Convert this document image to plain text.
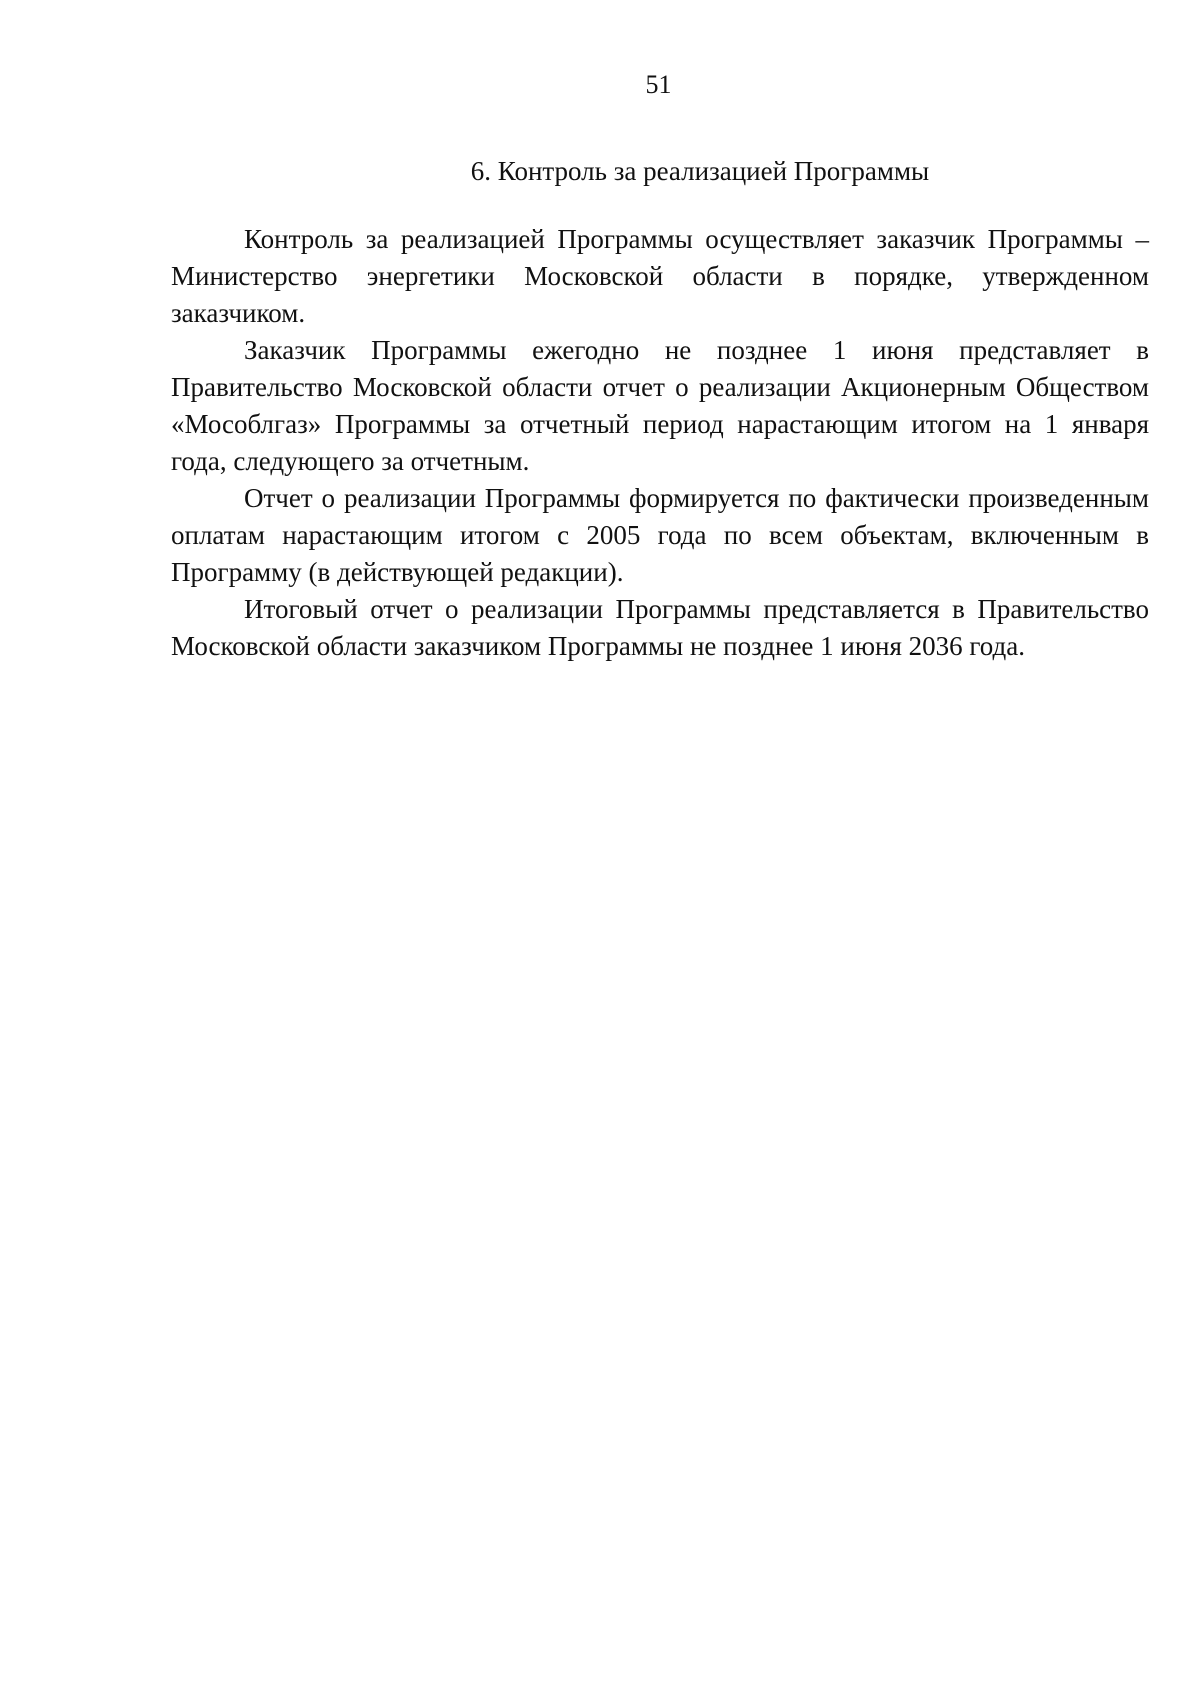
51
6. Контроль за реализацией Программы

Контроль за реализацией Программы осуществляет заказчик Программы – Министерство энергетики Московской области в порядке, утвержденном заказчиком.

Заказчик Программы ежегодно не позднее 1 июня представляет в Правительство Московской области отчет о реализации Акционерным Обществом «Мособлгаз» Программы за отчетный период нарастающим итогом на 1 января года, следующего за отчетным.

Отчет о реализации Программы формируется по фактически произведенным оплатам нарастающим итогом с 2005 года по всем объектам, включенным в Программу (в действующей редакции).

Итоговый отчет о реализации Программы представляется в Правительство Московской области заказчиком Программы не позднее 1 июня 2036 года.
